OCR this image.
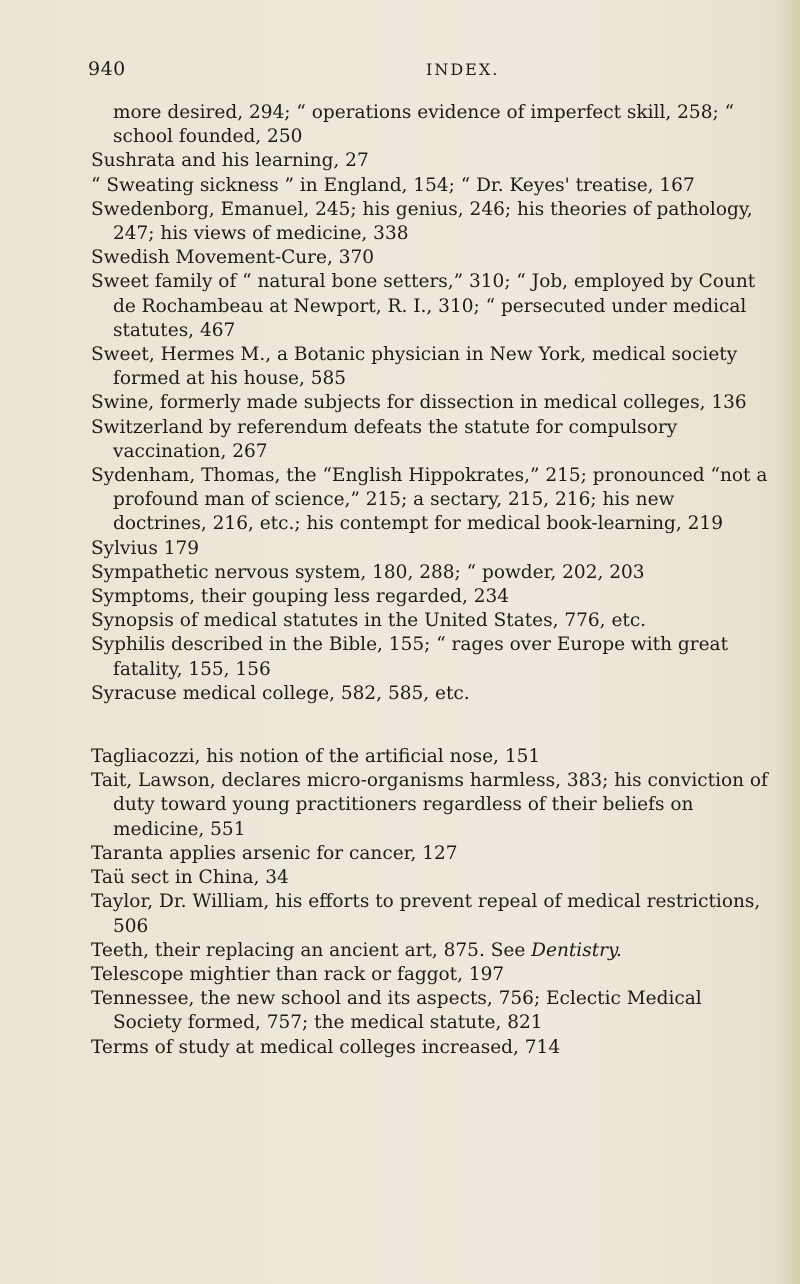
940	INDEX.
more desired, 294; “ operations evidence of imperfect skill, 258; “ school founded, 250
Sushrata and his learning, 27
“ Sweating sickness ” in England, 154; “ Dr. Keyes' treatise, 167
Swedenborg, Emanuel, 245; his genius, 246; his theories of pathology, 247; his views of medicine, 338
Swedish Movement-Cure, 370
Sweet family of “ natural bone setters,” 310; “ Job, employed by Count de Rochambeau at Newport, R. I., 310; “ persecuted under medical statutes, 467
Sweet, Hermes M., a Botanic physician in New York, medical society formed at his house, 585
Swine, formerly made subjects for dissection in medical colleges, 136
Switzerland by referendum defeats the statute for compulsory vaccination, 267
Sydenham, Thomas, the “English Hippokrates,” 215; pronounced “not a profound man of science,” 215; a sectary, 215, 216; his new doctrines, 216, etc.; his contempt for medical book-learning, 219
Sylvius 179
Sympathetic nervous system, 180, 288; “ powder, 202, 203
Symptoms, their gouping less regarded, 234
Synopsis of medical statutes in the United States, 776, etc.
Syphilis described in the Bible, 155; “ rages over Europe with great fatality, 155, 156
Syracuse medical college, 582, 585, etc.
Tagliacozzi, his notion of the artificial nose, 151
Tait, Lawson, declares micro-organisms harmless, 383; his conviction of duty toward young practitioners regardless of their beliefs on medicine, 551
Taranta applies arsenic for cancer, 127
Taü sect in China, 34
Taylor, Dr. William, his efforts to prevent repeal of medical restrictions, 506
Teeth, their replacing an ancient art, 875. See Dentistry.
Telescope mightier than rack or faggot, 197
Tennessee, the new school and its aspects, 756; Eclectic Medical Society formed, 757; the medical statute, 821
Terms of study at medical colleges increased, 714
